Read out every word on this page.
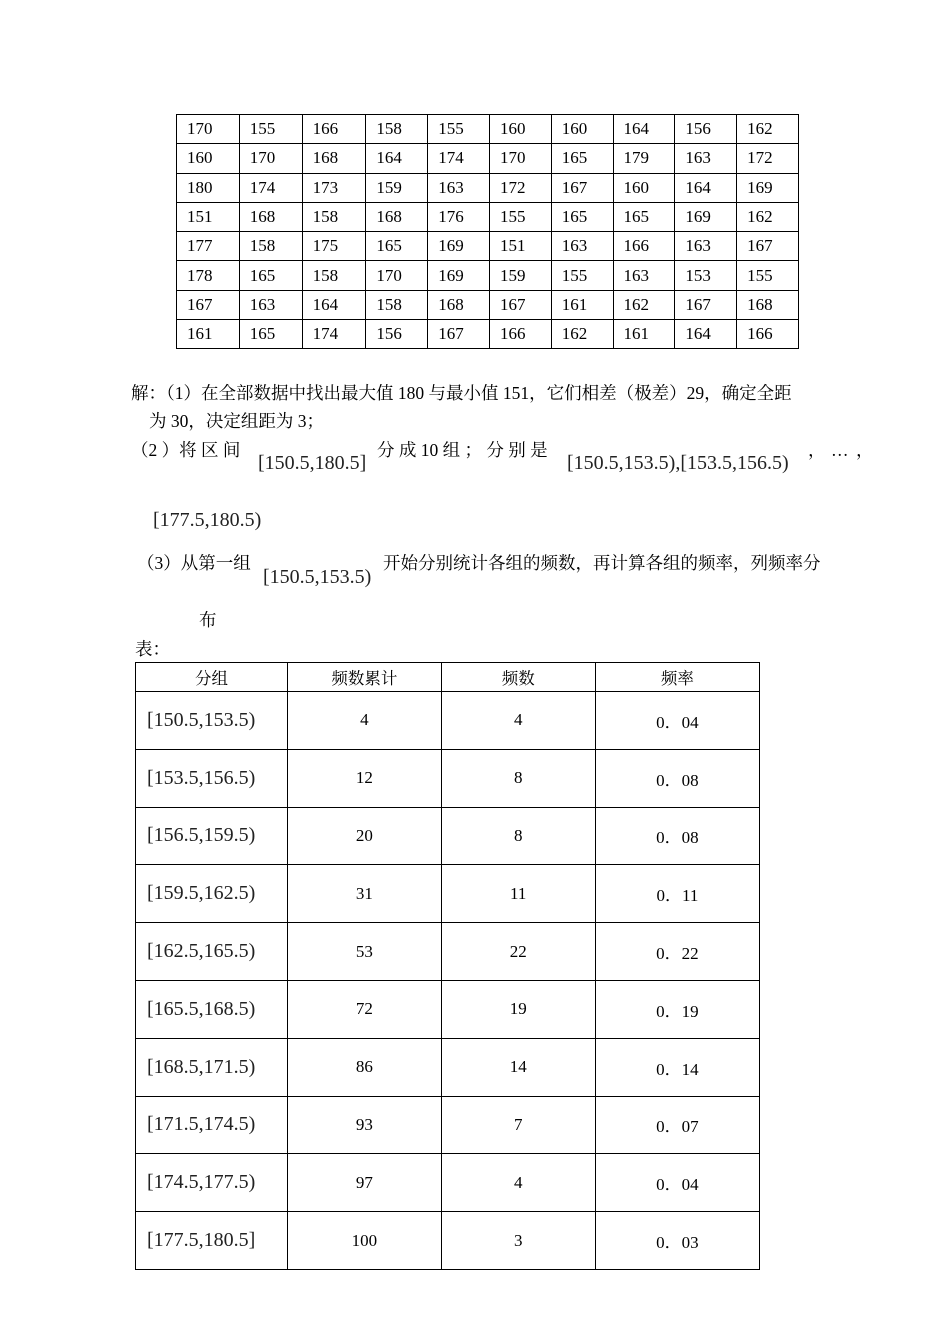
170	155	166	158	155	160	160	164	156	162
160	170	168	164	174	170	165	179	163	172
180	174	173	159	163	172	167	160	164	169
151	168	158	168	176	155	165	165	169	162
177	158	175	165	169	151	163	166	163	167
178	165	158	170	169	159	155	163	153	155
167	163	164	158	168	167	161	162	167	168
161	165	174	156	167	166	162	161	164	166
解：（1）在全部数据中找出最大值 180 与最小值 151，它们相差（极差）29，确定全距
为 30，决定组距为 3；
（2 ）将 区 间
[150.5,180.5]
分 成 10 组 ； 分 别 是
[150.5,153.5),[153.5,156.5)
， … ，
[177.5,180.5)
（3）从第一组
[150.5,153.5)
开始分别统计各组的频数，再计算各组的频率，列频率分
布
表：
分组	频数累计	频数	频率
[150.5,153.5)	4	4	0．04
[153.5,156.5)	12	8	0．08
[156.5,159.5)	20	8	0．08
[159.5,162.5)	31	11	0．11
[162.5,165.5)	53	22	0．22
[165.5,168.5)	72	19	0．19
[168.5,171.5)	86	14	0．14
[171.5,174.5)	93	7	0．07
[174.5,177.5)	97	4	0．04
[177.5,180.5]	100	3	0．03
